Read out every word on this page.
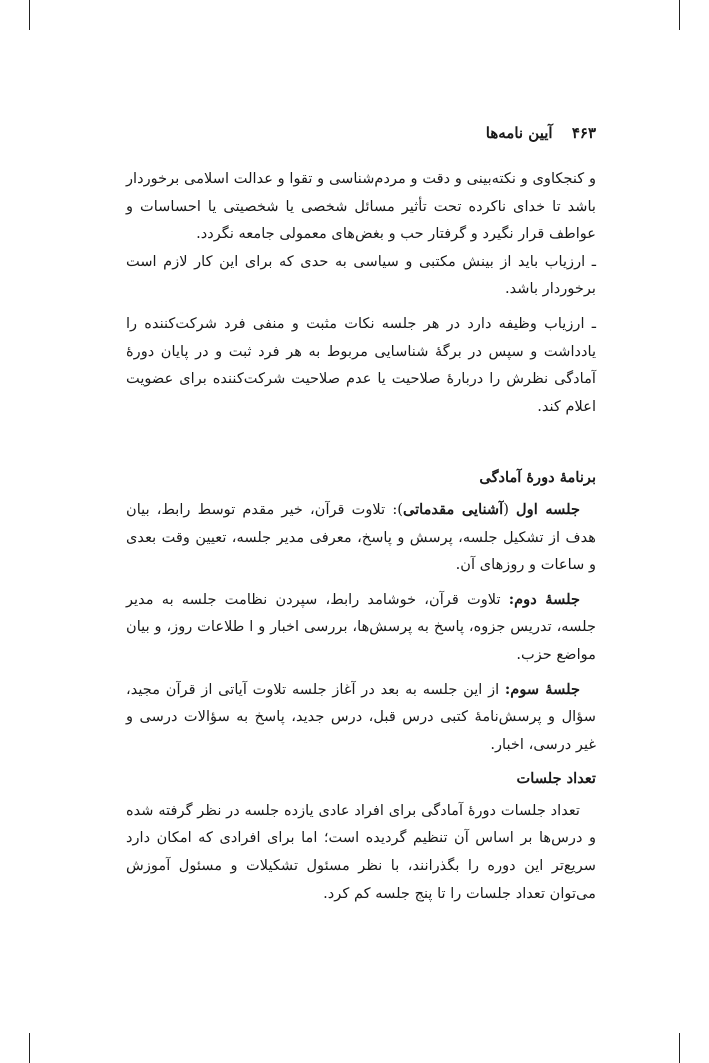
۴۶۳ آیین نامه‌ها

و کنجکاوی و نکته‌بینی و دقت و مردم‌شناسی و تقوا و عدالت اسلامی برخوردار باشد تا خدای ناکرده تحت تأثیر مسائل شخصی یا شخصیتی یا احساسات و عواطف قرار نگیرد و گرفتار حب و بغض‌های معمولی جامعه نگردد.

ـ ارزیاب باید از بینش مکتبی و سیاسی به حدی که برای این کار لازم است برخوردار باشد.

ـ ارزیاب وظیفه دارد در هر جلسه نکات مثبت و منفی فرد شرکت‌کننده را یادداشت و سپس در برگهٔ شناسایی مربوط به هر فرد ثبت و در پایان دورهٔ آمادگی نظرش را دربارهٔ صلاحیت یا عدم صلاحیت شرکت‌کننده برای عضویت اعلام کند.

برنامهٔ دورهٔ آمادگی

جلسه اول (آشنایی مقدماتی): تلاوت قرآن، خیر مقدم توسط رابط، بیان هدف از تشکیل جلسه، پرسش و پاسخ، معرفی مدیر جلسه، تعیین وقت بعدی و ساعات و روزهای آن.

جلسهٔ دوم: تلاوت قرآن، خوشامد رابط، سپردن نظامت جلسه به مدیر جلسه، تدریس جزوه، پاسخ به پرسش‌ها، بررسی اخبار و ا طلاعات روز، و بیان مواضع حزب.

جلسهٔ سوم: از این جلسه به بعد در آغاز جلسه تلاوت آیاتی از قرآن مجید، سؤال و پرسش‌نامهٔ کتبی درس قبل، درس جدید، پاسخ به سؤالات درسی و غیر درسی، اخبار.

تعداد جلسات

تعداد جلسات دورهٔ آمادگی برای افراد عادی یازده جلسه در نظر گرفته شده و درس‌ها بر اساس آن تنظیم گردیده است؛ اما برای افرادی که امکان دارد سریع‌تر این دوره را بگذرانند، با نظر مسئول تشکیلات و مسئول آموزش می‌توان تعداد جلسات را تا پنج جلسه کم کرد.
